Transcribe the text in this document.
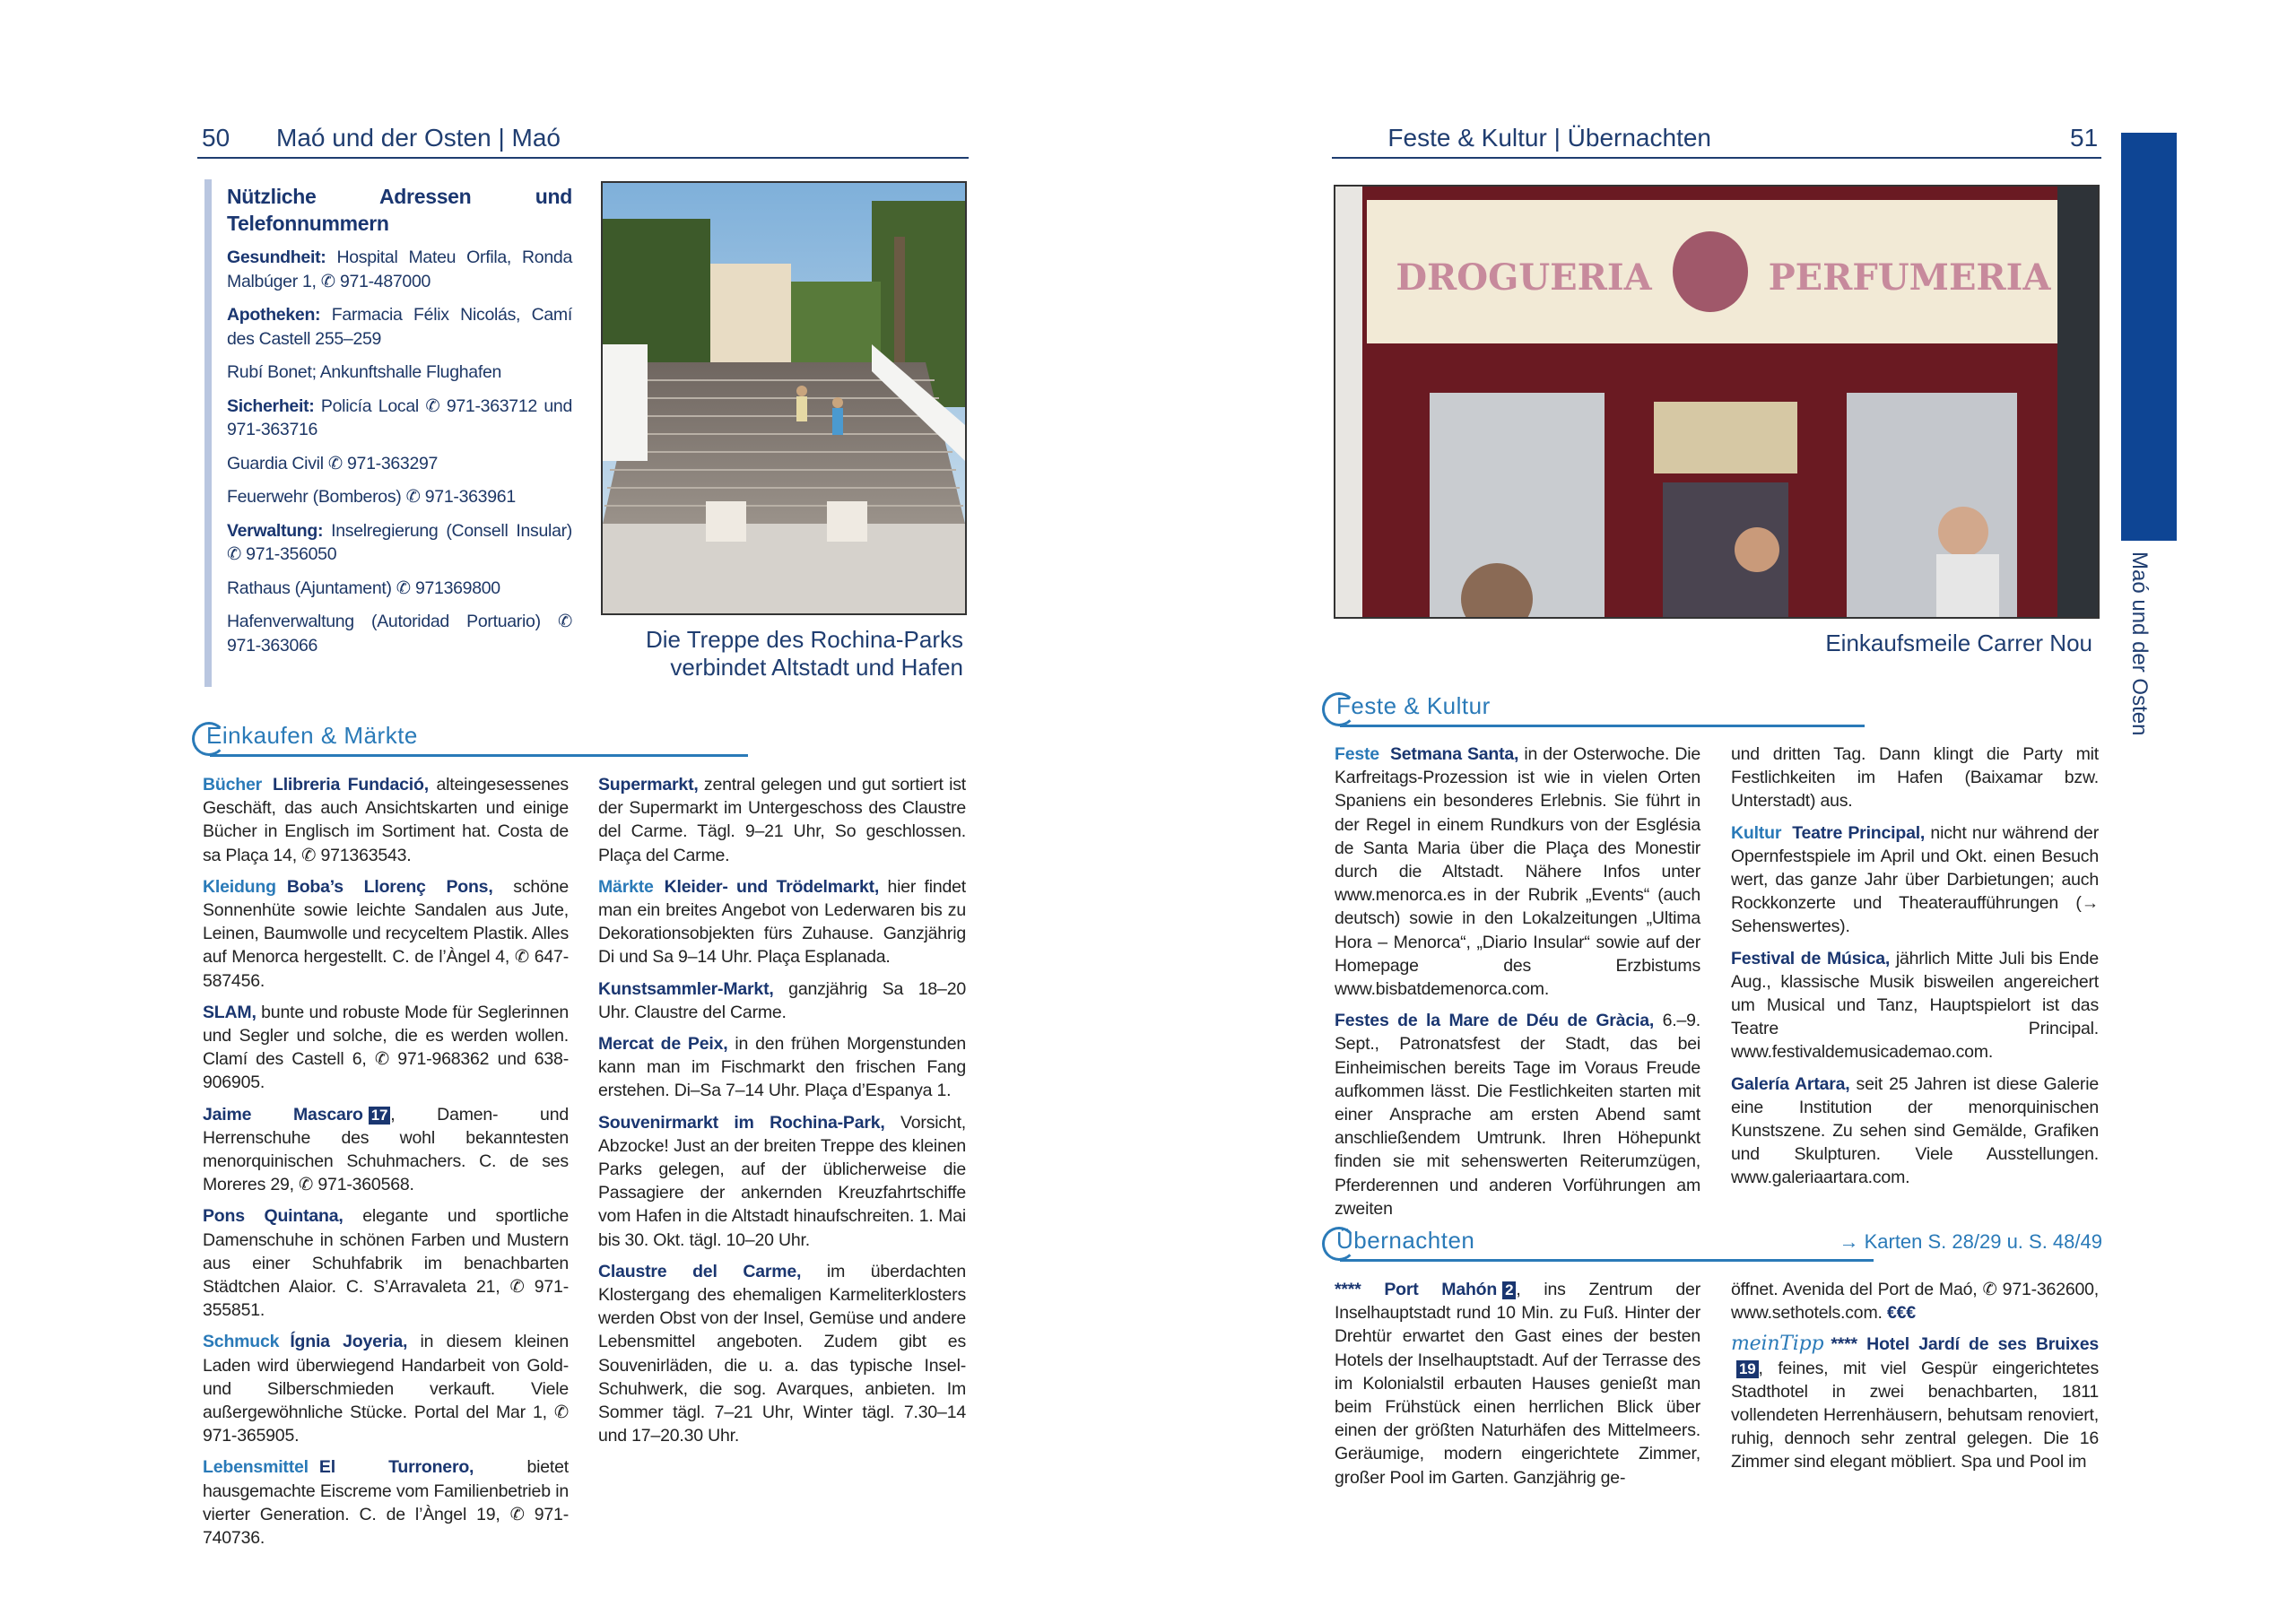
50 Maó und der Osten | Maó
Nützliche Adressen und Telefonnummern

Gesundheit: Hospital Mateu Orfila, Ronda Malbúger 1, ✆ 971-487000

Apotheken: Farmacia Félix Nicolás, Camí des Castell 255–259

Rubí Bonet; Ankunftshalle Flughafen

Sicherheit: Policía Local ✆ 971-363712 und 971-363716

Guardia Civil ✆ 971-363297

Feuerwehr (Bomberos) ✆ 971-363961

Verwaltung: Inselregierung (Consell Insular) ✆ 971-356050

Rathaus (Ajuntament) ✆ 971369800

Hafenverwaltung (Autoridad Portuario) ✆ 971-363066	Die Treppe des Rochina-Parks
verbindet Altstadt und Hafen
Einkaufen & Märkte

Bücher Llibreria Fundació, alteingesessenes Geschäft, das auch Ansichtskarten und einige Bücher in Englisch im Sortiment hat. Costa de sa Plaça 14, ✆ 971363543.

Kleidung Boba’s Llorenç Pons, schöne Sonnenhüte sowie leichte Sandalen aus Jute, Leinen, Baumwolle und recyceltem Plastik. Alles auf Menorca hergestellt. C. de l’Àngel 4, ✆ 647-587456.

SLAM, bunte und robuste Mode für Seglerinnen und Segler und solche, die es werden wollen. Clamí des Castell 6, ✆ 971-968362 und 638-906905.

Jaime Mascaro 17 , Damen- und Herrenschuhe des wohl bekanntesten menorquinischen Schuhmachers. C. de ses Moreres 29, ✆ 971-360568.

Pons Quintana, elegante und sportliche Damenschuhe in schönen Farben und Mustern aus einer Schuhfabrik im benachbarten Städtchen Alaior. C. S’Arravaleta 21, ✆ 971-355851.

Schmuck Ígnia Joyeria, in diesem kleinen Laden wird überwiegend Handarbeit von Gold- und Silberschmieden verkauft. Viele außergewöhnliche Stücke. Portal del Mar 1, ✆ 971-365905.

Lebensmittel El Turronero, bietet hausgemachte Eiscreme vom Familienbetrieb in vierter Generation. C. de l’Àngel 19, ✆ 971-740736.

Supermarkt, zentral gelegen und gut sortiert ist der Supermarkt im Untergeschoss des Claustre del Carme. Tägl. 9–21 Uhr, So geschlossen. Plaça del Carme.

Märkte Kleider- und Trödelmarkt, hier findet man ein breites Angebot von Lederwaren bis zu Dekorationsobjekten fürs Zuhause. Ganzjährig Di und Sa 9–14 Uhr. Plaça Esplanada.

Kunstsammler-Markt, ganzjährig Sa 18–20 Uhr. Claustre del Carme.

Mercat de Peix, in den frühen Morgenstunden kann man im Fischmarkt den frischen Fang erstehen. Di–Sa 7–14 Uhr. Plaça d’Espanya 1.

Souvenirmarkt im Rochina-Park, Vorsicht, Abzocke! Just an der breiten Treppe des kleinen Parks gelegen, auf der üblicherweise die Passagiere der ankernden Kreuzfahrtschiffe vom Hafen in die Altstadt hinaufschreiten. 1. Mai bis 30. Okt. tägl. 10–20 Uhr.

Claustre del Carme, im überdachten Klostergang des ehemaligen Karmeliterklosters werden Obst von der Insel, Gemüse und andere Lebensmittel angeboten. Zudem gibt es Souvenirläden, die u. a. das typische Insel-Schuhwerk, die sog. Avarques, anbieten. Im Sommer tägl. 7–21 Uhr, Winter tägl. 7.30–14 und 17–20.30 Uhr.

Feste & Kultur | Übernachten	51
Maó und der Osten
DROGUERIA	PERFUMERIA
Einkaufsmeile Carrer Nou
Feste & Kultur

Feste Setmana Santa, in der Osterwoche. Die Karfreitags-Prozession ist wie in vielen Orten Spaniens ein besonderes Erlebnis. Sie führt in der Regel in einem Rundkurs von der Església de Santa Maria über die Plaça des Monestir durch die Altstadt. Nähere Infos unter www.menorca.es in der Rubrik „Events“ (auch deutsch) sowie in den Lokalzeitungen „Ultima Hora – Menorca“, „Diario Insular“ sowie auf der Homepage des Erzbistums www.bisbatdemenorca.com.

Festes de la Mare de Déu de Gràcia, 6.–9. Sept., Patronatsfest der Stadt, das bei Einheimischen bereits Tage im Voraus Freude aufkommen lässt. Die Festlichkeiten starten mit einer Ansprache am ersten Abend samt anschließendem Umtrunk. Ihren Höhepunkt finden sie mit sehenswerten Reiterumzügen, Pferderennen und anderen Vorführungen am zweiten

und dritten Tag. Dann klingt die Party mit Festlichkeiten im Hafen (Baixamar bzw. Unterstadt) aus.

Kultur Teatre Principal, nicht nur während der Opernfestspiele im April und Okt. einen Besuch wert, das ganze Jahr über Darbietungen; auch Rockkonzerte und Theateraufführungen (→ Sehenswertes).

Festival de Música, jährlich Mitte Juli bis Ende Aug., klassische Musik bisweilen angereichert um Musical und Tanz, Hauptspielort ist das Teatre Principal. www.festivaldemusicademao.com.

Galería Artara, seit 25 Jahren ist diese Galerie eine Institution der menorquinischen Kunstszene. Zu sehen sind Gemälde, Grafiken und Skulpturen. Viele Ausstellungen. www.galeriaartara.com.

Übernachten	→ Karten S. 28/29 u. S. 48/49

**** Port Mahón 2 , ins Zentrum der Inselhauptstadt rund 10 Min. zu Fuß. Hinter der Drehtür erwartet den Gast eines der besten Hotels der Inselhauptstadt. Auf der Terrasse des im Kolonialstil erbauten Hauses genießt man beim Frühstück einen herrlichen Blick über einen der größten Naturhäfen des Mittelmeers. Geräumige, modern eingerichtete Zimmer, großer Pool im Garten. Ganzjährig ge-

öffnet. Avenida del Port de Maó, ✆ 971-362600, www.sethotels.com. €€€

meinTipp **** Hotel Jardí de ses Bruixes19 , feines, mit viel Gespür eingerichtetes Stadthotel in zwei benachbarten, 1811 vollendeten Herrenhäusern, behutsam renoviert, ruhig, dennoch sehr zentral gelegen. Die 16 Zimmer sind elegant möbliert. Spa und Pool im
